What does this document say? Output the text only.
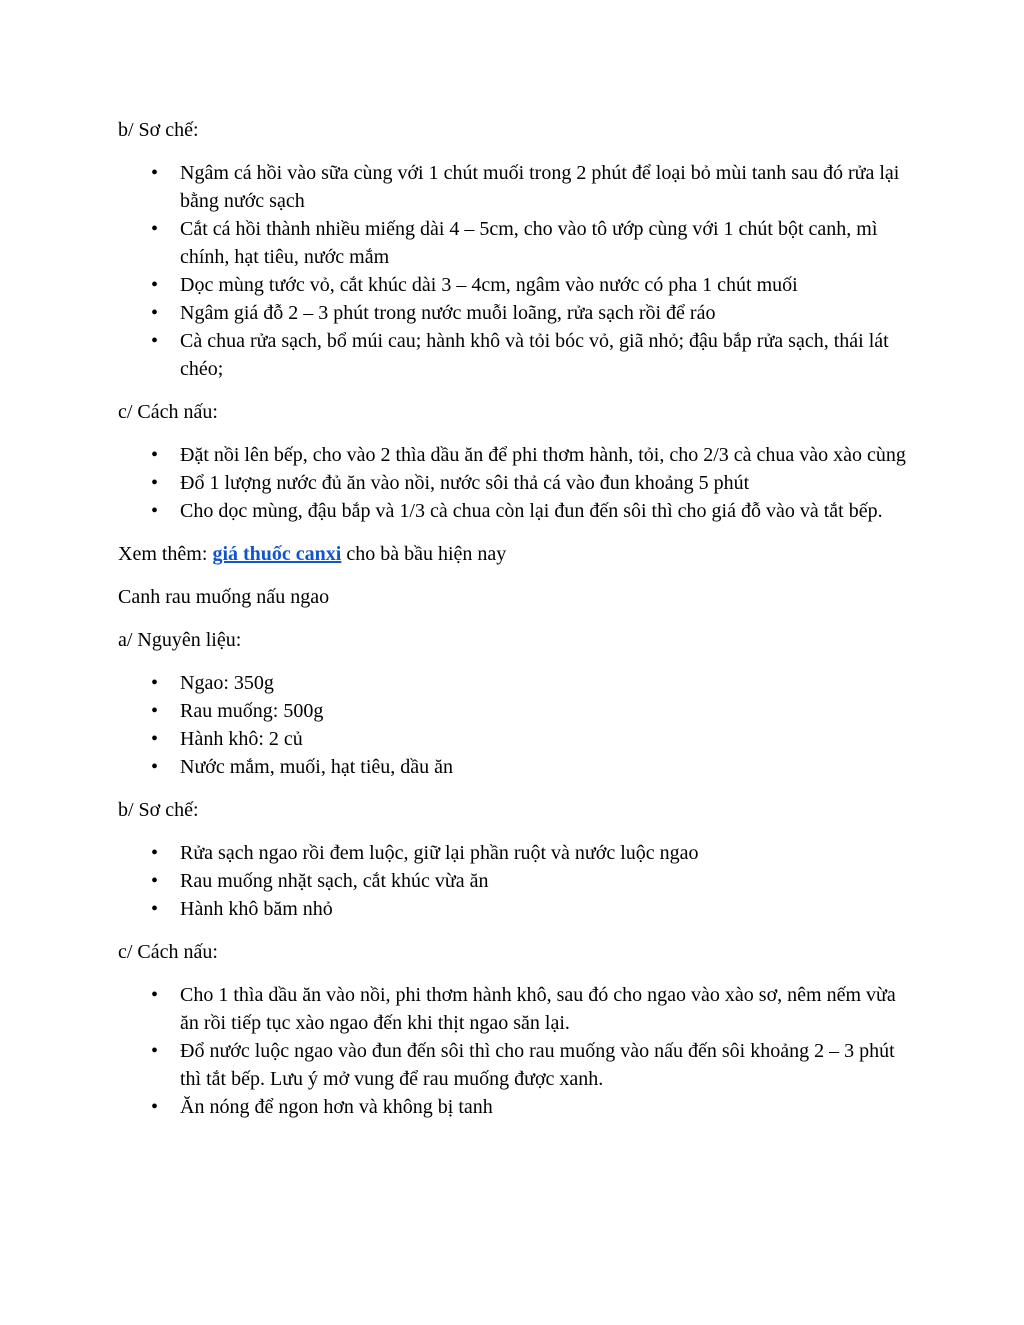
b/ Sơ chế:

• Ngâm cá hồi vào sữa cùng với 1 chút muối trong 2 phút để loại bỏ mùi tanh sau đó rửa lại bằng nước sạch
• Cắt cá hồi thành nhiều miếng dài 4 – 5cm, cho vào tô ướp cùng với 1 chút bột canh, mì chính, hạt tiêu, nước mắm
• Dọc mùng tước vỏ, cắt khúc dài 3 – 4cm, ngâm vào nước có pha 1 chút muối
• Ngâm giá đỗ 2 – 3 phút trong nước muỗi loãng, rửa sạch rồi để ráo
• Cà chua rửa sạch, bổ múi cau; hành khô và tỏi bóc vỏ, giã nhỏ; đậu bắp rửa sạch, thái lát chéo;

c/ Cách nấu:

• Đặt nồi lên bếp, cho vào 2 thìa dầu ăn để phi thơm hành, tỏi, cho 2/3 cà chua vào xào cùng
• Đổ 1 lượng nước đủ ăn vào nồi, nước sôi thả cá vào đun khoảng 5 phút
• Cho dọc mùng, đậu bắp và 1/3 cà chua còn lại đun đến sôi thì cho giá đỗ vào và tắt bếp.

Xem thêm: giá thuốc canxi cho bà bầu hiện nay

Canh rau muống nấu ngao

a/ Nguyên liệu:

• Ngao: 350g
• Rau muống: 500g
• Hành khô: 2 củ
• Nước mắm, muối, hạt tiêu, dầu ăn

b/ Sơ chế:

• Rửa sạch ngao rồi đem luộc, giữ lại phần ruột và nước luộc ngao
• Rau muống nhặt sạch, cắt khúc vừa ăn
• Hành khô băm nhỏ

c/ Cách nấu:

• Cho 1 thìa dầu ăn vào nồi, phi thơm hành khô, sau đó cho ngao vào xào sơ, nêm nếm vừa ăn rồi tiếp tục xào ngao đến khi thịt ngao săn lại.
• Đổ nước luộc ngao vào đun đến sôi thì cho rau muống vào nấu đến sôi khoảng 2 – 3 phút thì tắt bếp. Lưu ý mở vung để rau muống được xanh.
• Ăn nóng để ngon hơn và không bị tanh
